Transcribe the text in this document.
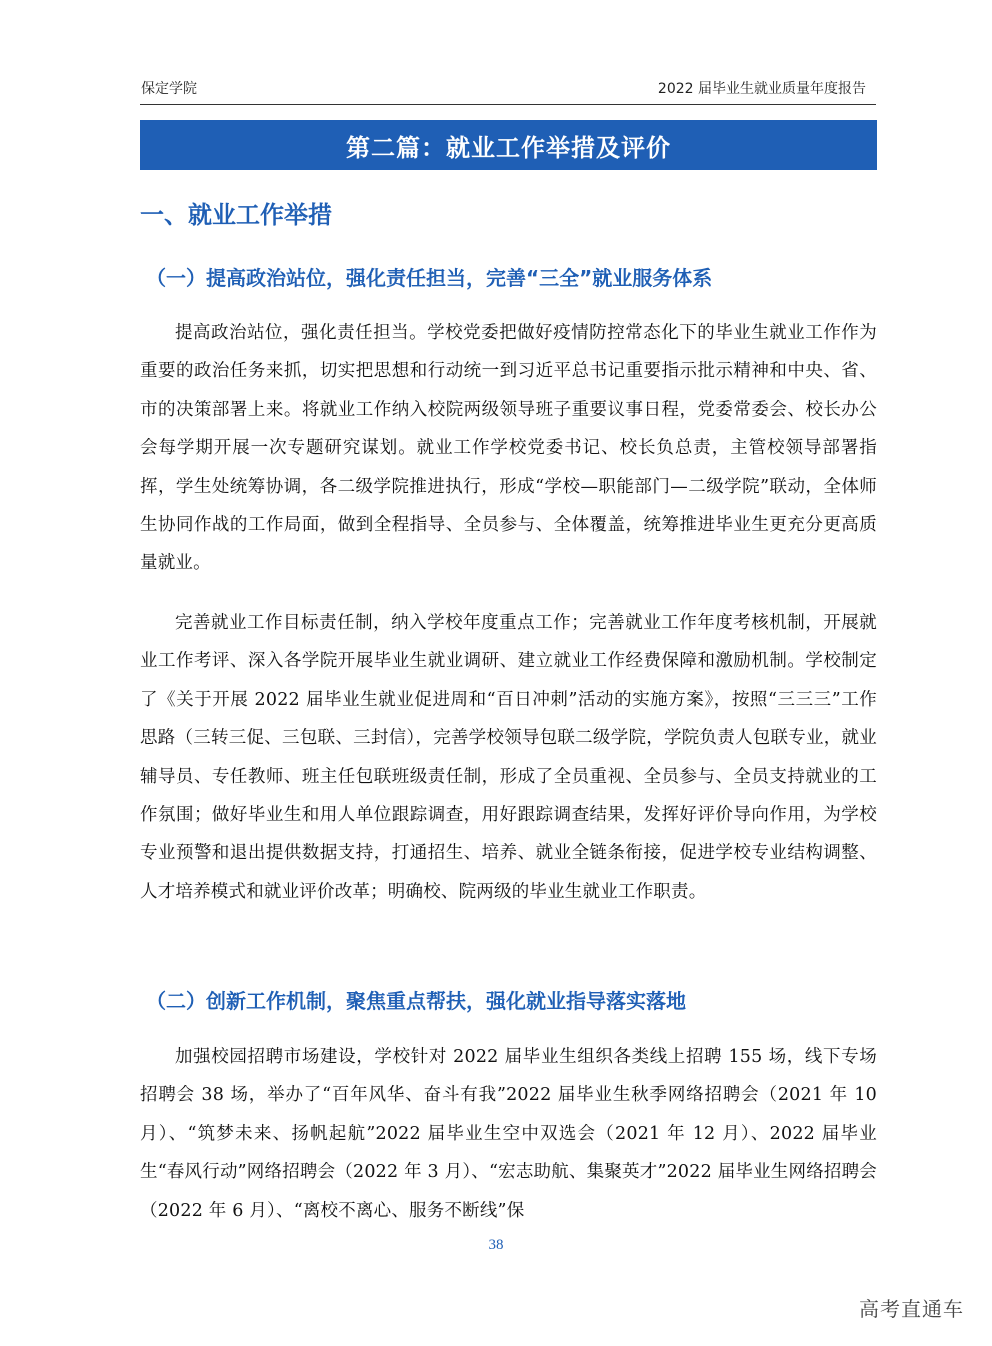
保定学院	2022 届毕业生就业质量年度报告
第二篇：就业工作举措及评价
一、就业工作举措
（一）提高政治站位，强化责任担当，完善“三全”就业服务体系

提高政治站位，强化责任担当。学校党委把做好疫情防控常态化下的毕业生就业工作作为重要的政治任务来抓，切实把思想和行动统一到习近平总书记重要指示批示精神和中央、省、市的决策部署上来。将就业工作纳入校院两级领导班子重要议事日程，党委常委会、校长办公会每学期开展一次专题研究谋划。就业工作学校党委书记、校长负总责，主管校领导部署指挥，学生处统筹协调，各二级学院推进执行，形成“学校—职能部门—二级学院”联动，全体师生协同作战的工作局面，做到全程指导、全员参与、全体覆盖，统筹推进毕业生更充分更高质量就业。

完善就业工作目标责任制，纳入学校年度重点工作；完善就业工作年度考核机制，开展就业工作考评、深入各学院开展毕业生就业调研、建立就业工作经费保障和激励机制。学校制定了《关于开展 2022 届毕业生就业促进周和“百日冲刺”活动的实施方案》，按照“三三三”工作思路（三转三促、三包联、三封信），完善学校领导包联二级学院，学院负责人包联专业，就业辅导员、专任教师、班主任包联班级责任制，形成了全员重视、全员参与、全员支持就业的工作氛围；做好毕业生和用人单位跟踪调查，用好跟踪调查结果，发挥好评价导向作用，为学校专业预警和退出提供数据支持，打通招生、培养、就业全链条衔接，促进学校专业结构调整、人才培养模式和就业评价改革；明确校、院两级的毕业生就业工作职责。

（二）创新工作机制，聚焦重点帮扶，强化就业指导落实落地

加强校园招聘市场建设，学校针对 2022 届毕业生组织各类线上招聘 155 场，线下专场招聘会 38 场，举办了“百年风华、奋斗有我”2022 届毕业生秋季网络招聘会（2021 年 10 月）、“筑梦未来、扬帆起航”2022 届毕业生空中双选会（2021 年 12 月）、2022 届毕业生“春风行动”网络招聘会（2022 年 3 月）、“宏志助航、集聚英才”2022 届毕业生网络招聘会（2022 年 6 月）、“离校不离心、服务不断线”保

38
高考直通车
